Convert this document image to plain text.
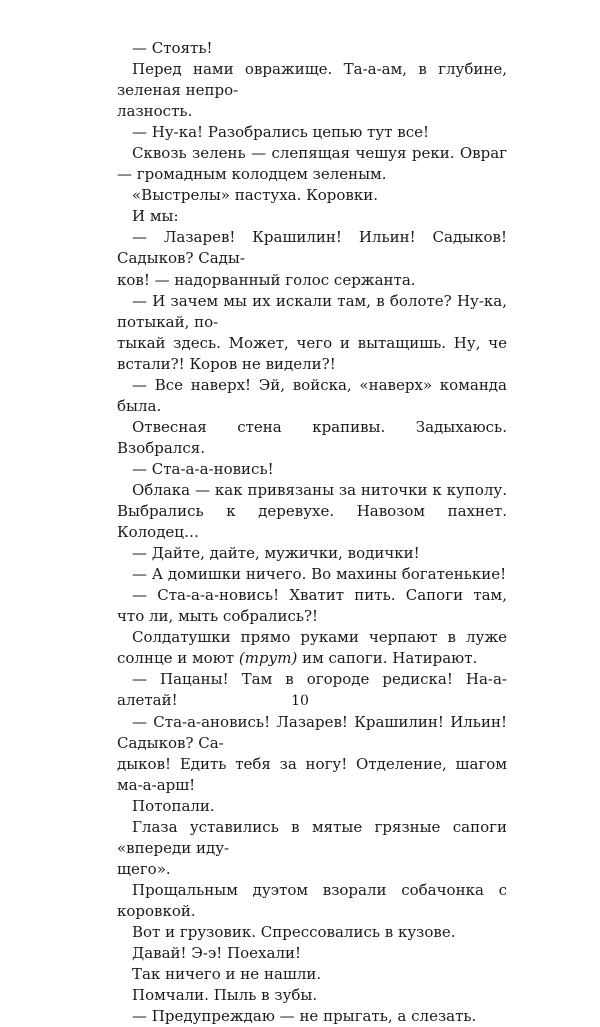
— Стоять!

Перед нами овражище. Та-а-ам, в глубине, зеленая непро-
лазность.

— Ну-ка! Разобрались цепью тут все!

Сквозь зелень — слепящая чешуя реки. Овраг — громадным колодцем зеленым.

«Выстрелы» пастуха. Коровки.

И мы:

— Лазарев! Крашилин! Ильин! Садыков! Садыков? Сады-
ков! — надорванный голос сержанта.

— И зачем мы их искали там, в болоте? Ну-ка, потыкай, по-
тыкай здесь. Может, чего и вытащишь. Ну, че встали?! Коров не видели?!

— Все наверх! Эй, войска, «наверх» команда была.

Отвесная стена крапивы. Задыхаюсь. Взобрался.

— Ста-а-а-новись!

Облака — как привязаны за ниточки к куполу. Выбрались к деревухе. Навозом пахнет. Колодец…

— Дайте, дайте, мужички, водички!

— А домишки ничего. Во махины богатенькие!

— Ста-а-а-новись! Хватит пить. Сапоги там, что ли, мыть собрались?!

Солдатушки прямо руками черпают в луже солнце и моют (трут) им сапоги. Натирают.

— Пацаны! Там в огороде редиска! На-а-алетай!

— Ста-а-ановись! Лазарев! Крашилин! Ильин! Садыков? Са-
дыков! Едить тебя за ногу! Отделение, шагом ма-а-арш!

Потопали.

Глаза уставились в мятые грязные сапоги «впереди иду-
щего».

Прощальным дуэтом взорали собачонка с коровкой.

Вот и грузовик. Спрессовались в кузове.

Давай! Э-э! Поехали!

Так ничего и не нашли.

Помчали. Пыль в зубы.

— Предупреждаю — не прыгать, а слезать.

10
